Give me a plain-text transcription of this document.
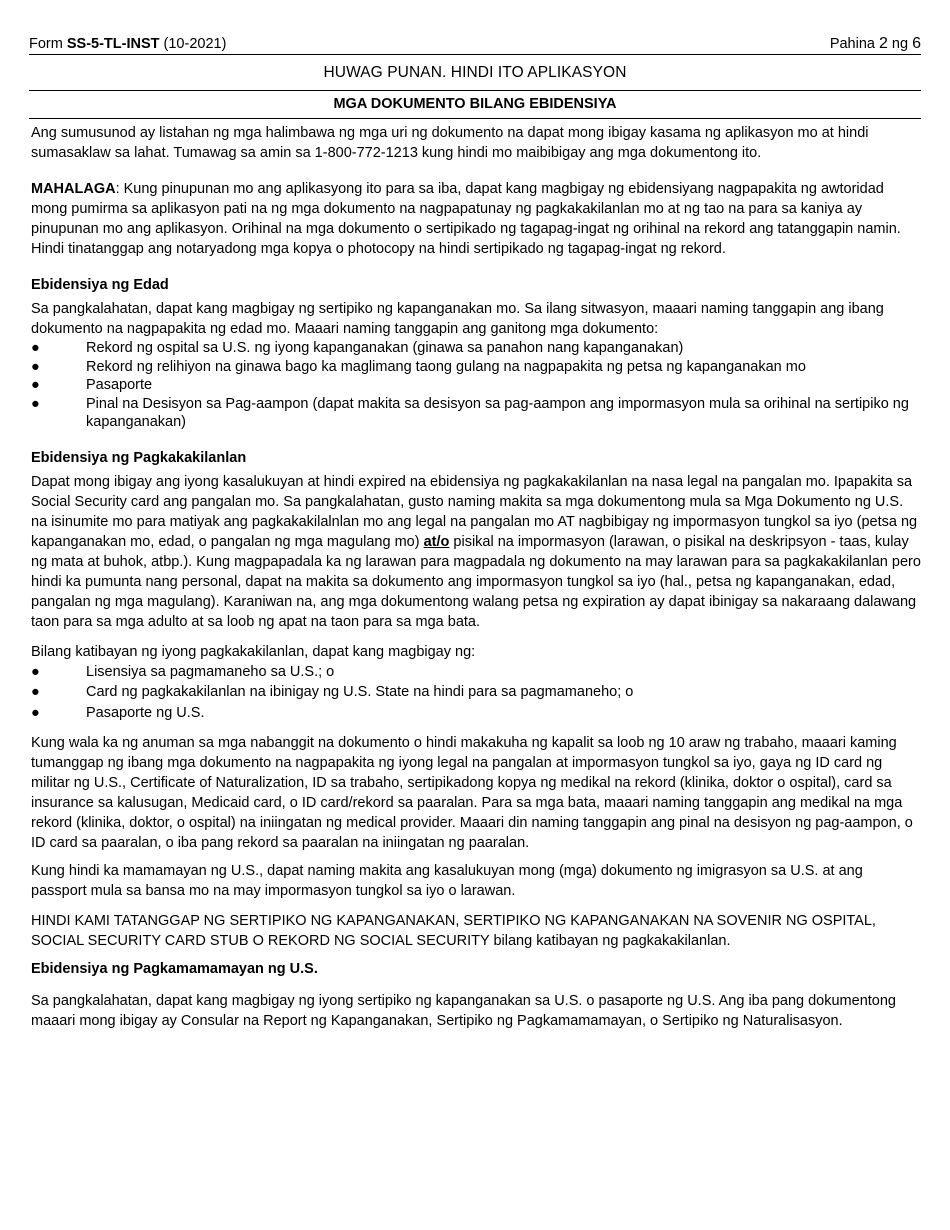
Form SS-5-TL-INST (10-2021)	Pahina 2 ng 6
HUWAG PUNAN. HINDI ITO APLIKASYON
MGA DOKUMENTO BILANG EBIDENSIYA

Ang sumusunod ay listahan ng mga halimbawa ng mga uri ng dokumento na dapat mong ibigay kasama ng aplikasyon mo at hindi sumasaklaw sa lahat. Tumawag sa amin sa 1-800-772-1213 kung hindi mo maibibigay ang mga dokumentong ito.

MAHALAGA: Kung pinupunan mo ang aplikasyong ito para sa iba, dapat kang magbigay ng ebidensiyang nagpapakita ng awtoridad mong pumirma sa aplikasyon pati na ng mga dokumento na nagpapatunay ng pagkakakilanlan mo at ng tao na para sa kaniya ay pinupunan mo ang aplikasyon. Orihinal na mga dokumento o sertipikado ng tagapag-ingat ng orihinal na rekord ang tatanggapin namin. Hindi tinatanggap ang notaryadong mga kopya o photocopy na hindi sertipikado ng tagapag-ingat ng rekord.

Ebidensiya ng Edad

Sa pangkalahatan, dapat kang magbigay ng sertipiko ng kapanganakan mo. Sa ilang sitwasyon, maaari naming tanggapin ang ibang dokumento na nagpapakita ng edad mo. Maaari naming tanggapin ang ganitong mga dokumento:

●	Rekord ng ospital sa U.S. ng iyong kapanganakan (ginawa sa panahon nang kapanganakan)
●	Rekord ng relihiyon na ginawa bago ka maglimang taong gulang na nagpapakita ng petsa ng kapanganakan mo
●	Pasaporte
●	Pinal na Desisyon sa Pag-aampon (dapat makita sa desisyon sa pag-aampon ang impormasyon mula sa orihinal na sertipiko ng kapanganakan)
Ebidensiya ng Pagkakakilanlan

Dapat mong ibigay ang iyong kasalukuyan at hindi expired na ebidensiya ng pagkakakilanlan na nasa legal na pangalan mo. Ipapakita sa Social Security card ang pangalan mo. Sa pangkalahatan, gusto naming makita sa mga dokumentong mula sa Mga Dokumento ng U.S. na isinumite mo para matiyak ang pagkakakilalnlan mo ang legal na pangalan mo AT nagbibigay ng impormasyon tungkol sa iyo (petsa ng kapanganakan mo, edad, o pangalan ng mga magulang mo) at/o pisikal na impormasyon (larawan, o pisikal na deskripsyon - taas, kulay ng mata at buhok, atbp.). Kung magpapadala ka ng larawan para magpadala ng dokumento na may larawan para sa pagkakakilanlan pero hindi ka pumunta nang personal, dapat na makita sa dokumento ang impormasyon tungkol sa iyo (hal., petsa ng kapanganakan, edad, pangalan ng mga magulang). Karaniwan na, ang mga dokumentong walang petsa ng expiration ay dapat ibinigay sa nakaraang dalawang taon para sa mga adulto at sa loob ng apat na taon para sa mga bata.

Bilang katibayan ng iyong pagkakakilanlan, dapat kang magbigay ng:

●	Lisensiya sa pagmamaneho sa U.S.; o
●	Card ng pagkakakilanlan na ibinigay ng U.S. State na hindi para sa pagmamaneho; o
●	Pasaporte ng U.S.

Kung wala ka ng anuman sa mga nabanggit na dokumento o hindi makakuha ng kapalit sa loob ng 10 araw ng trabaho, maaari kaming tumanggap ng ibang mga dokumento na nagpapakita ng iyong legal na pangalan at impormasyon tungkol sa iyo, gaya ng ID card ng militar ng U.S., Certificate of Naturalization, ID sa trabaho, sertipikadong kopya ng medikal na rekord (klinika, doktor o ospital), card sa insurance sa kalusugan, Medicaid card, o ID card/rekord sa paaralan. Para sa mga bata, maaari naming tanggapin ang medikal na mga rekord (klinika, doktor, o ospital) na iniingatan ng medical provider. Maaari din naming tanggapin ang pinal na desisyon ng pag-aampon, o ID card sa paaralan, o iba pang rekord sa paaralan na iniingatan ng paaralan.

Kung hindi ka mamamayan ng U.S., dapat naming makita ang kasalukuyan mong (mga) dokumento ng imigrasyon sa U.S. at ang passport mula sa bansa mo na may impormasyon tungkol sa iyo o larawan.

HINDI KAMI TATANGGAP NG SERTIPIKO NG KAPANGANAKAN, SERTIPIKO NG KAPANGANAKAN NA SOVENIR NG OSPITAL, SOCIAL SECURITY CARD STUB O REKORD NG SOCIAL SECURITY bilang katibayan ng pagkakakilanlan.

Ebidensiya ng Pagkamamamayan ng U.S.

Sa pangkalahatan, dapat kang magbigay ng iyong sertipiko ng kapanganakan sa U.S. o pasaporte ng U.S. Ang iba pang dokumentong maaari mong ibigay ay Consular na Report ng Kapanganakan, Sertipiko ng Pagkamamamayan, o Sertipiko ng Naturalisasyon.
